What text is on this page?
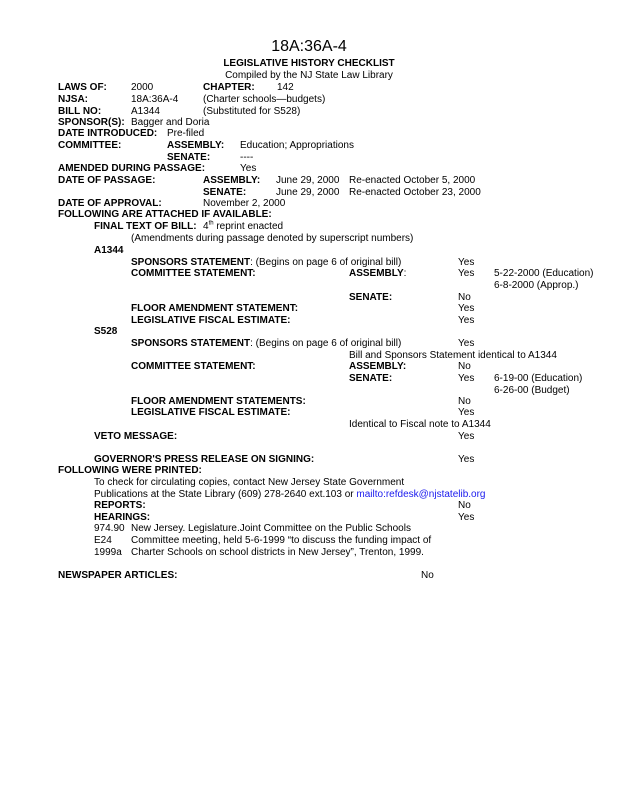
18A:36A-4
LEGISLATIVE HISTORY CHECKLIST
Compiled by the NJ State Law Library
LAWS OF: 2000	CHAPTER: 142
NJSA:	18A:36A-4 (Charter schools—budgets)
BILL NO:	A1344	(Substituted for S528)
SPONSOR(S): Bagger and Doria
DATE INTRODUCED: Pre-filed
COMMITTEE:	ASSEMBLY: Education; Appropriations
SENATE:	----
AMENDED DURING PASSAGE:	Yes
DATE OF PASSAGE:	ASSEMBLY: June 29, 2000 Re-enacted October 5, 2000
SENATE:	June 29, 2000 Re-enacted October 23, 2000
DATE OF APPROVAL:	November 2, 2000
FOLLOWING ARE ATTACHED IF AVAILABLE:
FINAL TEXT OF BILL: 4th reprint enacted
(Amendments during passage denoted by superscript numbers)
A1344
SPONSORS STATEMENT: (Begins on page 6 of original bill)	Yes
COMMITTEE STATEMENT:	ASSEMBLY:	Yes 5-22-2000 (Education)
6-8-2000 (Approp.)
SENATE:	No
FLOOR AMENDMENT STATEMENT:	Yes
LEGISLATIVE FISCAL ESTIMATE:	Yes
S528
SPONSORS STATEMENT: (Begins on page 6 of original bill)	Yes
Bill and Sponsors Statement identical to A1344
COMMITTEE STATEMENT:	ASSEMBLY:	No
SENATE:	Yes 6-19-00 (Education)
6-26-00 (Budget)
FLOOR AMENDMENT STATEMENTS:	No
LEGISLATIVE FISCAL ESTIMATE:	Yes
Identical to Fiscal note to A1344
VETO MESSAGE:	Yes
GOVERNOR'S PRESS RELEASE ON SIGNING:	Yes
FOLLOWING WERE PRINTED:
To check for circulating copies, contact New Jersey State Government
Publications at the State Library (609) 278-2640 ext.103 or mailto:refdesk@njstatelib.org
REPORTS:	No
HEARINGS:	Yes
974.90 New Jersey. Legislature.Joint Committee on the Public Schools
E24 Committee meeting, held 5-6-1999 “to discuss the funding impact of
1999a Charter Schools on school districts in New Jersey”, Trenton, 1999.
NEWSPAPER ARTICLES:	No
